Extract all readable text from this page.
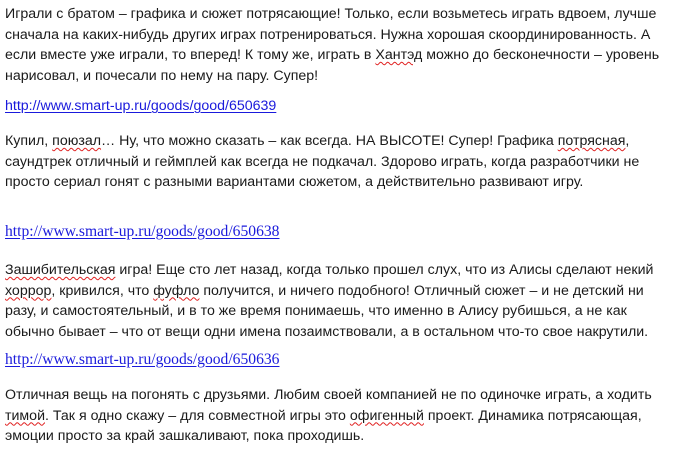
Играли с братом – графика и сюжет потрясающие! Только, если возьметесь играть вдвоем, лучше
сначала на каких-нибудь других играх потренироваться. Нужна хорошая скоординированность. А
если вместе уже играли, то вперед! К тому же, играть в Хантэд можно до бесконечности – уровень
нарисовал, и почесали по нему на пару. Супер!

http://www.smart-up.ru/goods/good/650639

Купил, поюзал… Ну, что можно сказать – как всегда. НА ВЫСОТЕ! Супер! Графика потрясная,
саундтрек отличный и геймплей как всегда не подкачал. Здорово играть, когда разработчики не
просто сериал гонят с разными вариантами сюжетом, а действительно развивают игру.

http://www.smart-up.ru/goods/good/650638

Зашибительская игра! Еще сто лет назад, когда только прошел слух, что из Алисы сделают некий
хоррор, кривился, что фуфло получится, и ничего подобного! Отличный сюжет – и не детский ни
разу, и самостоятельный, и в то же время понимаешь, что именно в Алису рубишься, а не как
обычно бывает – что от вещи одни имена позаимствовали, а в остальном что-то свое накрутили.

http://www.smart-up.ru/goods/good/650636

Отличная вещь на погонять с друзьями. Любим своей компанией не по одиночке играть, а ходить
тимой. Так я одно скажу – для совместной игры это офигенный проект. Динамика потрясающая,
эмоции просто за край зашкаливают, пока проходишь.
